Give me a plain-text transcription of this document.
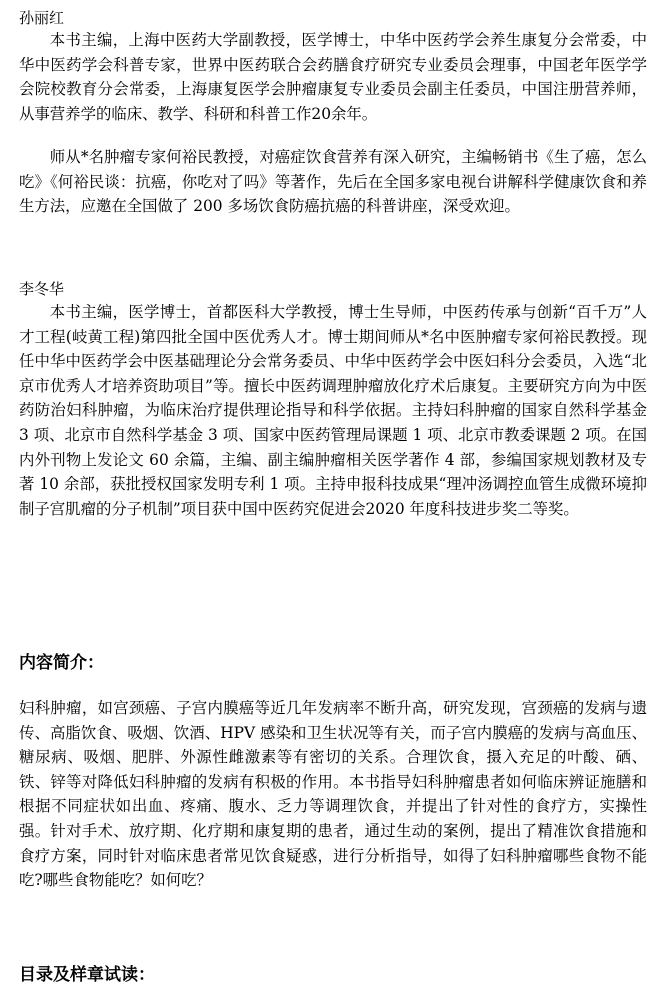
孙丽红

本书主编，上海中医药大学副教授，医学博士，中华中医药学会养生康复分会常委，中华中医药学会科普专家，世界中医药联合会药膳食疗研究专业委员会理事，中国老年医学学会院校教育分会常委，上海康复医学会肿瘤康复专业委员会副主任委员，中国注册营养师，从事营养学的临床、教学、科研和科普工作20余年。

师从*名肿瘤专家何裕民教授，对癌症饮食营养有深入研究，主编畅销书《生了癌，怎么吃》《何裕民谈：抗癌，你吃对了吗》等著作，先后在全国多家电视台讲解科学健康饮食和养生方法，应邀在全国做了 200 多场饮食防癌抗癌的科普讲座，深受欢迎。

李冬华

本书主编，医学博士，首都医科大学教授，博士生导师，中医药传承与创新“百千万”人才工程(岐黄工程)第四批全国中医优秀人才。博士期间师从*名中医肿瘤专家何裕民教授。现任中华中医药学会中医基础理论分会常务委员、中华中医药学会中医妇科分会委员，入选“北京市优秀人才培养资助项目”等。擅长中医药调理肿瘤放化疗术后康复。主要研究方向为中医药防治妇科肿瘤，为临床治疗提供理论指导和科学依据。主持妇科肿瘤的国家自然科学基金 3 项、北京市自然科学基金 3 项、国家中医药管理局课题 1 项、北京市教委课题 2 项。在国内外刊物上发论文 60 余篇，主编、副主编肿瘤相关医学著作 4 部，参编国家规划教材及专著 10 余部，获批授权国家发明专利 1 项。主持申报科技成果“理冲汤调控血管生成微环境抑制子宫肌瘤的分子机制”项目获中国中医药究促进会2020 年度科技进步奖二等奖。

内容简介：

妇科肿瘤，如宫颈癌、子宫内膜癌等近几年发病率不断升高，研究发现，宫颈癌的发病与遗传、高脂饮食、吸烟、饮酒、HPV 感染和卫生状况等有关，而子宫内膜癌的发病与高血压、糖尿病、吸烟、肥胖、外源性雌激素等有密切的关系。合理饮食，摄入充足的叶酸、硒、铁、锌等对降低妇科肿瘤的发病有积极的作用。本书指导妇科肿瘤患者如何临床辨证施膳和根据不同症状如出血、疼痛、腹水、乏力等调理饮食，并提出了针对性的食疗方，实操性强。针对手术、放疗期、化疗期和康复期的患者，通过生动的案例，提出了精准饮食措施和食疗方案，同时针对临床患者常见饮食疑惑，进行分析指导，如得了妇科肿瘤哪些食物不能吃?哪些食物能吃？如何吃？

目录及样章试读：
